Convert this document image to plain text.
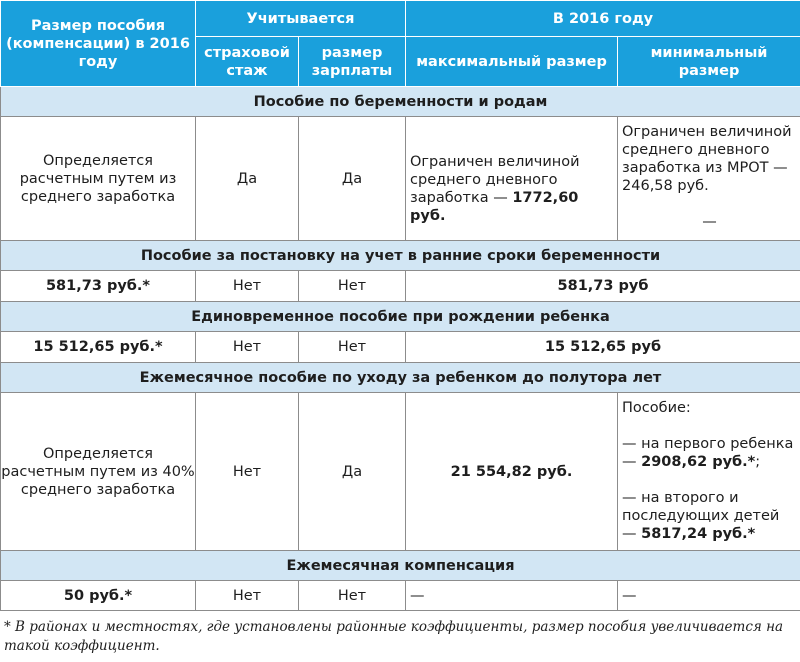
Размер пособия (компенсации) в 2016 году	Учитывается		В 2016 году	
	страховой стаж	размер зарплаты	максимальный размер	минимальный размер
Пособие по беременности и родам				
Определяется расчетным путем из среднего заработка	Да	Да	Ограничен величиной среднего дневного заработка — 1772,60 руб.	Ограничен величиной среднего дневного заработка из МРОТ — 246,58 руб.
—

Пособие за постановку на учет в ранние сроки беременности				
581,73 руб.*	Нет	Нет	581,73 руб	
Единовременное пособие при рождении ребенка				
15 512,65 руб.*	Нет	Нет	15 512,65 руб	
Ежемесячное пособие по уходу за ребенком до полутора лет				
Определяется расчетным путем из 40% среднего заработка	Нет	Да	21 554,82 руб.	Пособие:
— на первого ребенка — 2908,62 руб.*;
— на второго и последующих детей — 5817,24 руб.*

Ежемесячная компенсация				
50 руб.*	Нет	Нет	—	—
* В районах и местностях, где установлены районные коэффициенты, размер пособия увеличивается на такой коэффициент.
